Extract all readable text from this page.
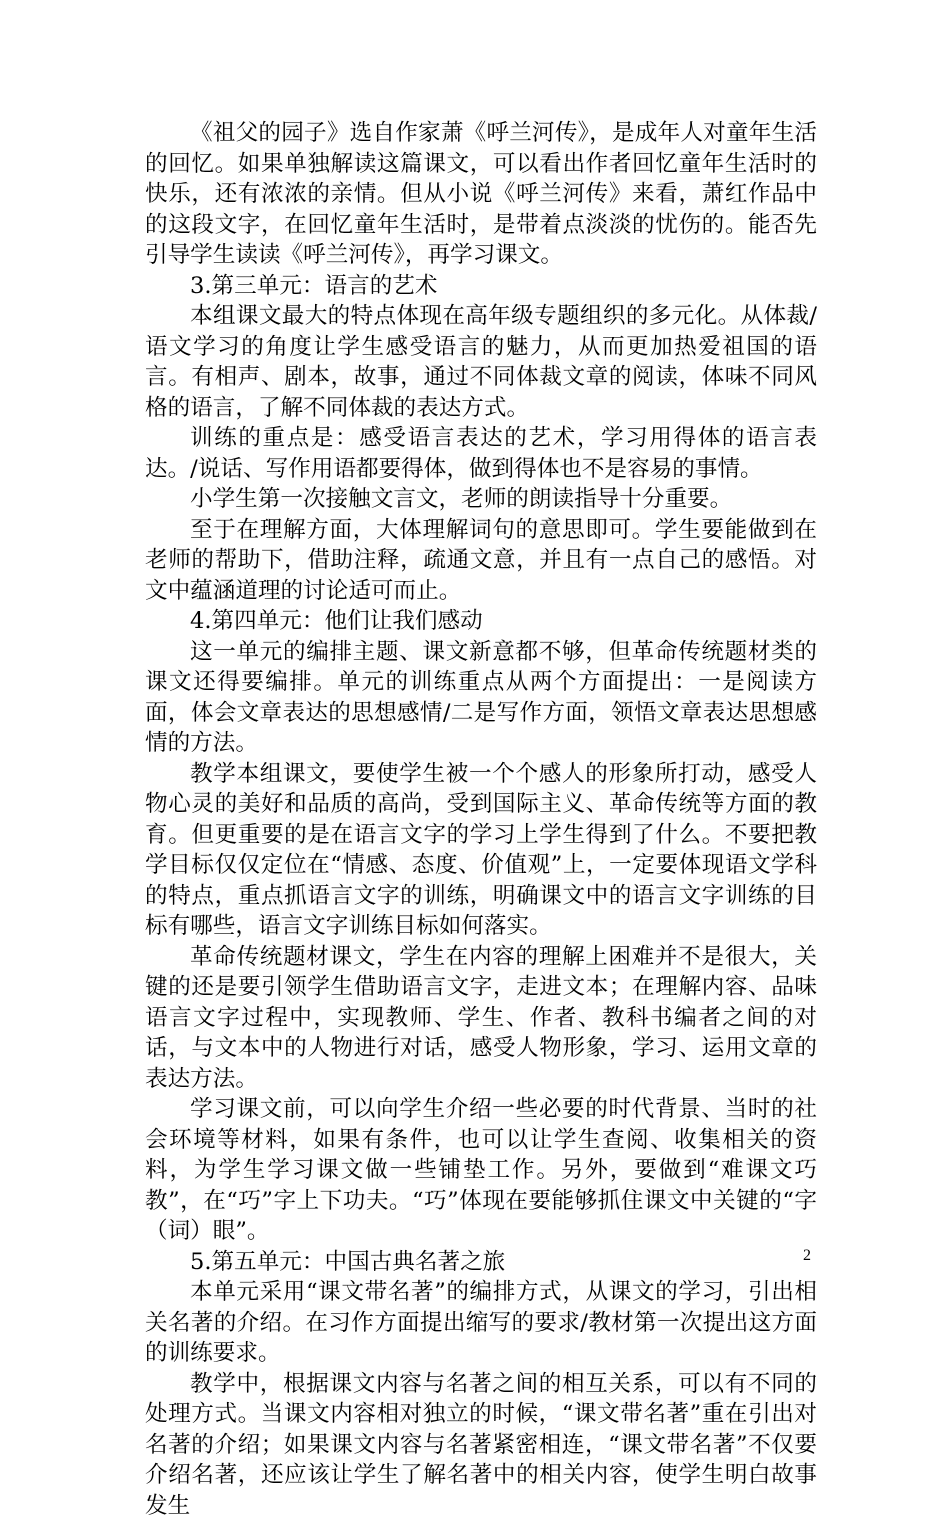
《祖父的园子》选自作家萧《呼兰河传》，是成年人对童年生活的回忆。如果单独解读这篇课文，可以看出作者回忆童年生活时的快乐，还有浓浓的亲情。但从小说《呼兰河传》来看，萧红作品中的这段文字，在回忆童年生活时，是带着点淡淡的忧伤的。能否先引导学生读读《呼兰河传》，再学习课文。

3.第三单元：语言的艺术

本组课文最大的特点体现在高年级专题组织的多元化。从体裁/语文学习的角度让学生感受语言的魅力，从而更加热爱祖国的语言。有相声、剧本，故事，通过不同体裁文章的阅读，体味不同风格的语言，了解不同体裁的表达方式。

训练的重点是：感受语言表达的艺术，学习用得体的语言表达。/说话、写作用语都要得体，做到得体也不是容易的事情。

小学生第一次接触文言文，老师的朗读指导十分重要。

至于在理解方面，大体理解词句的意思即可。学生要能做到在老师的帮助下，借助注释，疏通文意，并且有一点自己的感悟。对文中蕴涵道理的讨论适可而止。

4.第四单元：他们让我们感动

这一单元的编排主题、课文新意都不够，但革命传统题材类的课文还得要编排。单元的训练重点从两个方面提出：一是阅读方面，体会文章表达的思想感情/二是写作方面，领悟文章表达思想感情的方法。

教学本组课文，要使学生被一个个感人的形象所打动，感受人物心灵的美好和品质的高尚，受到国际主义、革命传统等方面的教育。但更重要的是在语言文字的学习上学生得到了什么。不要把教学目标仅仅定位在“情感、态度、价值观”上，一定要体现语文学科的特点，重点抓语言文字的训练，明确课文中的语言文字训练的目标有哪些，语言文字训练目标如何落实。

革命传统题材课文，学生在内容的理解上困难并不是很大，关键的还是要引领学生借助语言文字，走进文本；在理解内容、品味语言文字过程中，实现教师、学生、作者、教科书编者之间的对话，与文本中的人物进行对话，感受人物形象，学习、运用文章的表达方法。

学习课文前，可以向学生介绍一些必要的时代背景、当时的社会环境等材料，如果有条件，也可以让学生查阅、收集相关的资料，为学生学习课文做一些铺垫工作。另外，要做到“难课文巧教”，在“巧”字上下功夫。“巧”体现在要能够抓住课文中关键的“字（词）眼”。

5.第五单元：中国古典名著之旅

本单元采用“课文带名著”的编排方式，从课文的学习，引出相关名著的介绍。在习作方面提出缩写的要求/教材第一次提出这方面的训练要求。

教学中，根据课文内容与名著之间的相互关系，可以有不同的处理方式。当课文内容相对独立的时候，“课文带名著”重在引出对名著的介绍；如果课文内容与名著紧密相连，“课文带名著”不仅要介绍名著，还应该让学生了解名著中的相关内容，使学生明白故事发生

2
